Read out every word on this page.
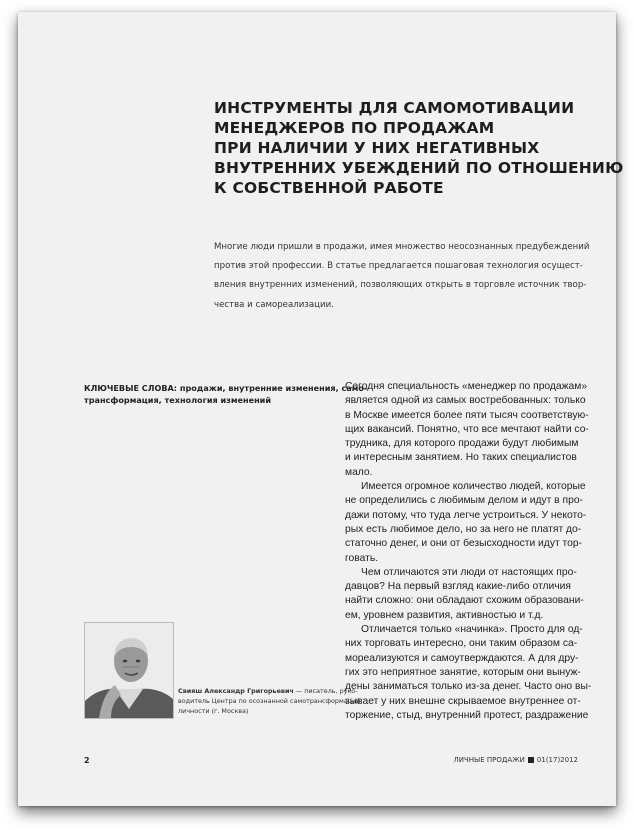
ИНСТРУМЕНТЫ ДЛЯ САМОМОТИВАЦИИ
МЕНЕДЖЕРОВ ПО ПРОДАЖАМ
ПРИ НАЛИЧИИ У НИХ НЕГАТИВНЫХ
ВНУТРЕННИХ УБЕЖДЕНИЙ ПО ОТНОШЕНИЮ
К СОБСТВЕННОЙ РАБОТЕ

Многие люди пришли в продажи, имея множество неосознанных предубеждений
против этой профессии. В статье предлагается пошаговая технология осущест-
вления внутренних изменений, позволяющих открыть в торговле источник твор-
чества и самореализации.

КЛЮЧЕВЫЕ СЛОВА: продажи, внутренние изменения, само-
трансформация, технология изменений
Сегодня специальность «менеджер по продажам»
является одной из самых востребованных: только
в Москве имеется более пяти тысяч соответствую-
щих вакансий. Понятно, что все мечтают найти со-
трудника, для которого продажи будут любимым
и интересным занятием. Но таких специалистов
мало.
Имеется огромное количество людей, которые
не определились с любимым делом и идут в про-
дажи потому, что туда легче устроиться. У некото-
рых есть любимое дело, но за него не платят до-
статочно денег, и они от безысходности идут тор-
говать.
Чем отличаются эти люди от настоящих про-
давцов? На первый взгляд какие-либо отличия
найти сложно: они обладают схожим образовани-
ем, уровнем развития, активностью и т.д.
Отличается только «начинка». Просто для од-
них торговать интересно, они таким образом са-
мореализуются и самоутверждаются. А для дру-
гих это неприятное занятие, которым они вынуж-
дены заниматься только из-за денег. Часто оно вы-
зывает у них внешне скрываемое внутреннее от-
торжение, стыд, внутренний протест, раздражение
Свияш Александр Григорьевич — писатель, руко-
водитель Центра по осознанной самотрансформации
личности (г. Москва)
2	ЛИЧНЫЕ ПРОДАЖИ 01(17)2012
